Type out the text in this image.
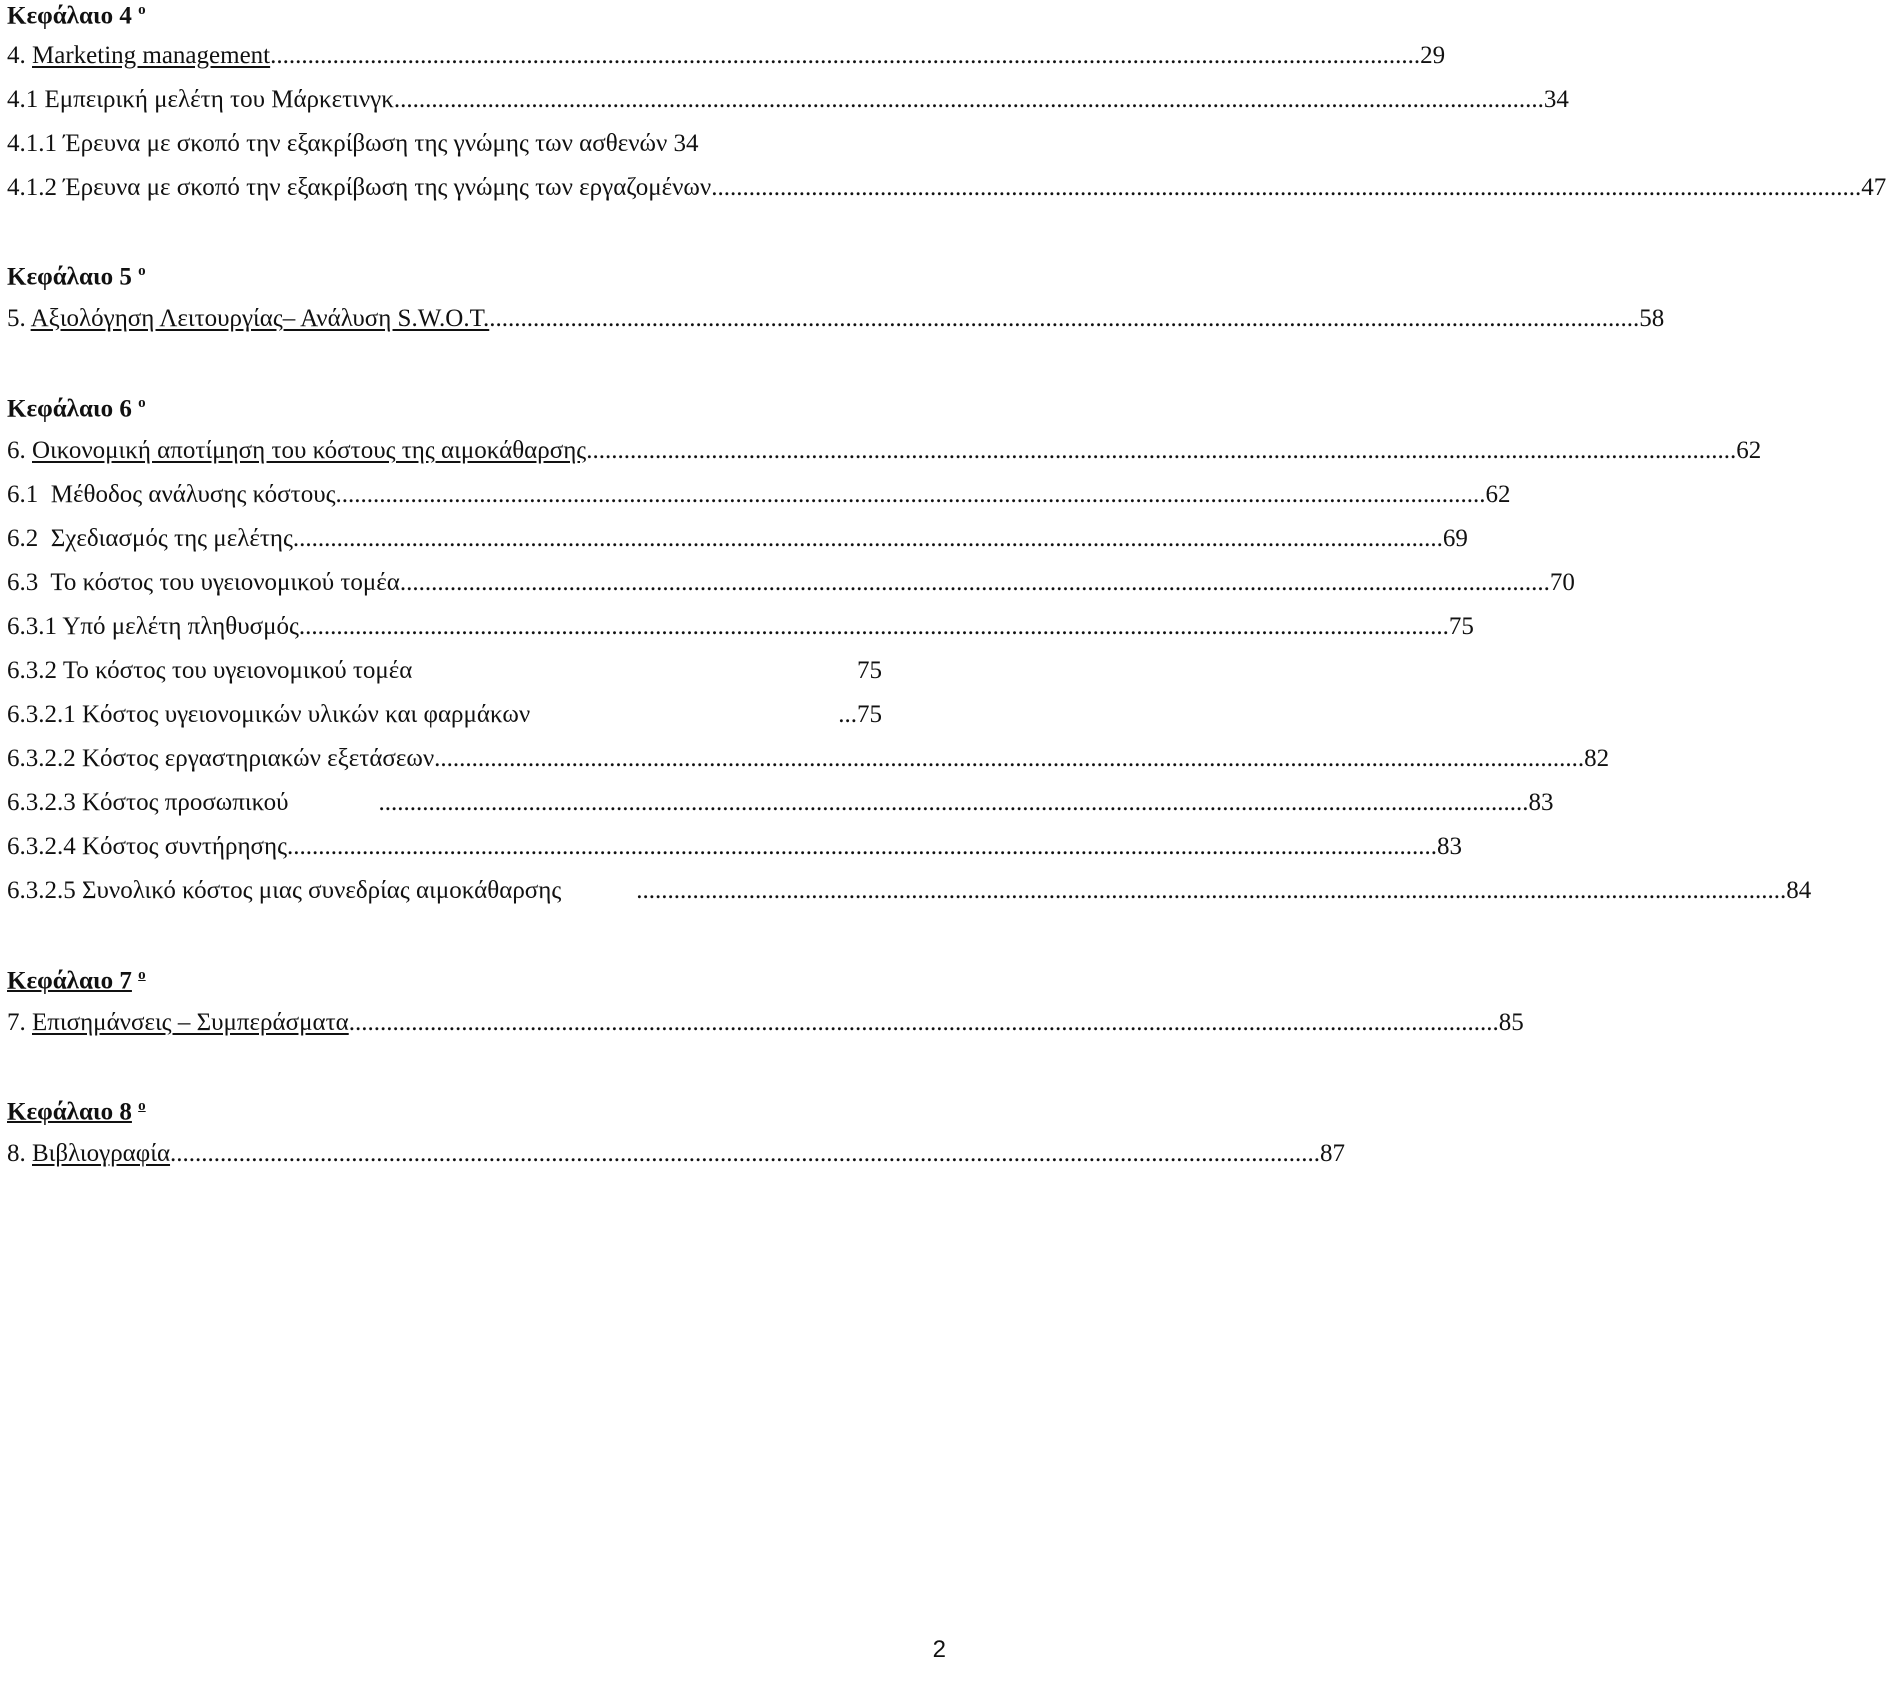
Κεφάλαιο 4 $^o$
4. Marketing management .....	29
4.1 Εμπειρική μελέτη του Μάρκετινγκ .....	34
4.1.1 Έρευνα με σκοπό την εξακρίβωση της γνώμης των ασθενών 34
4.1.2 Έρευνα με σκοπό την εξακρίβωση της γνώμης των εργαζομένων .....	47
Κεφάλαιο 5 $^o$
5. Αξιολόγηση Λειτουργίας– Ανάλυση S.W.O.T. .....	58
Κεφάλαιο 6 $^o$
6. Οικονομική αποτίμηση του κόστους της αιμοκάθαρσης .....	62
6.1 Μέθοδος ανάλυσης κόστους .....	62
6.2 Σχεδιασμός της μελέτης .....	69
6.3 Το κόστος του υγειονομικού τομέα .....	70
6.3.1 Υπό μελέτη πληθυσμός .....	75
6.3.2 Το κόστος του υγειονομικού τομέα	75
6.3.2.1 Κόστος υγειονομικών υλικών και φαρμάκων	...75
6.3.2.2 Κόστος εργαστηριακών εξετάσεων .....	82
6.3.2.3 Κόστος προσωπικού .....	83
6.3.2.4 Κόστος συντήρησης .....	83
6.3.2.5 Συνολικό κόστος μιας συνεδρίας αιμοκάθαρσης .....	84
Κεφάλαιο 7 $^o$
7. Επισημάνσεις – Συμπεράσματα .....	85
Κεφάλαιο 8 $^o$
8. Βιβλιογραφία .....	87
2
